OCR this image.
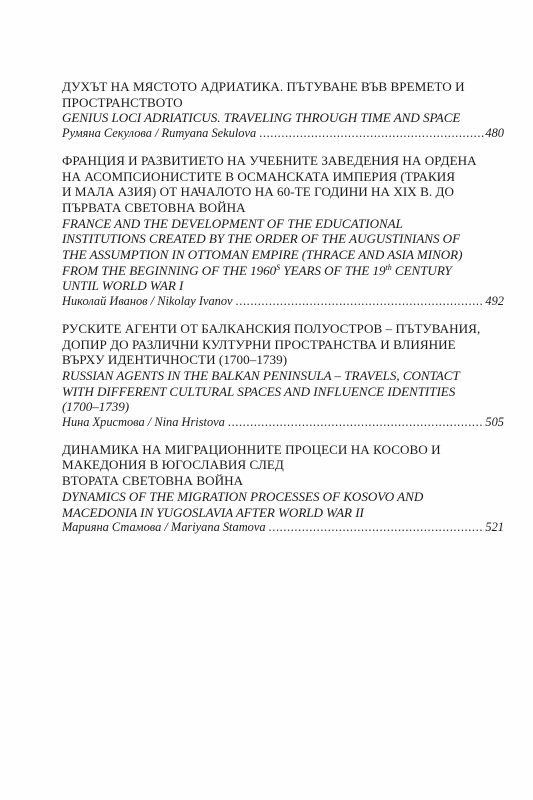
ДУХЪТ НА МЯСТОТО АДРИАТИКА. ПЪТУВАНЕ ВЪВ ВРЕМЕТО И
ПРОСТРАНСТВОТО
GENIUS LOCI ADRIATICUS. TRAVELING THROUGH TIME AND SPACE
Румяна Секулова / Rumyana Sekulova .....	480
ФРАНЦИЯ И РАЗВИТИЕТО НА УЧЕБНИТЕ ЗАВЕДЕНИЯ НА ОРДЕНА
НА АСОМПСИОНИСТИТЕ В ОСМАНСКАТА ИМПЕРИЯ (ТРАКИЯ
И МАЛА АЗИЯ) ОТ НАЧАЛОТО НА 60-ТЕ ГОДИНИ НА XIX В. ДО
ПЪРВАТА СВЕТОВНА ВОЙНА
FRANCE AND THE DEVELOPMENT OF THE EDUCATIONAL
INSTITUTIONS CREATED BY THE ORDER OF THE AUGUSTINIANS OF
THE ASSUMPTION IN OTTOMAN EMPIRE (THRACE AND ASIA MINOR)
FROM THE BEGINNING OF THE $1960^S$ YEARS OF THE 19th CENTURY
UNTIL WORLD WAR I
Николай Иванов / Nikolay Ivanov .....	492
РУСКИТЕ АГЕНТИ ОТ БАЛКАНСКИЯ ПОЛУОСТРОВ – ПЪТУВАНИЯ,
ДОПИР ДО РАЗЛИЧНИ КУЛТУРНИ ПРОСТРАНСТВА И ВЛИЯНИЕ
ВЪРХУ ИДЕНТИЧНОСТИ (1700–1739)
RUSSIAN AGENTS IN THE BALKAN PENINSULA – TRAVELS, CONTACT
WITH DIFFERENT CULTURAL SPACES AND INFLUENCE IDENTITIES
(1700–1739)
Нина Христова / Nina Hristova .....	505
ДИНАМИКА НА МИГРАЦИОННИТЕ ПРОЦЕСИ НА КОСОВО И
МАКЕДОНИЯ В ЮГОСЛАВИЯ СЛЕД
ВТОРАТА СВЕТОВНА ВОЙНА
DYNAMICS OF THE MIGRATION PROCESSES OF KOSOVO AND
MACEDONIA IN YUGOSLAVIA AFTER WORLD WAR II
Марияна Стамова / Mariyana Stamova .....	521
